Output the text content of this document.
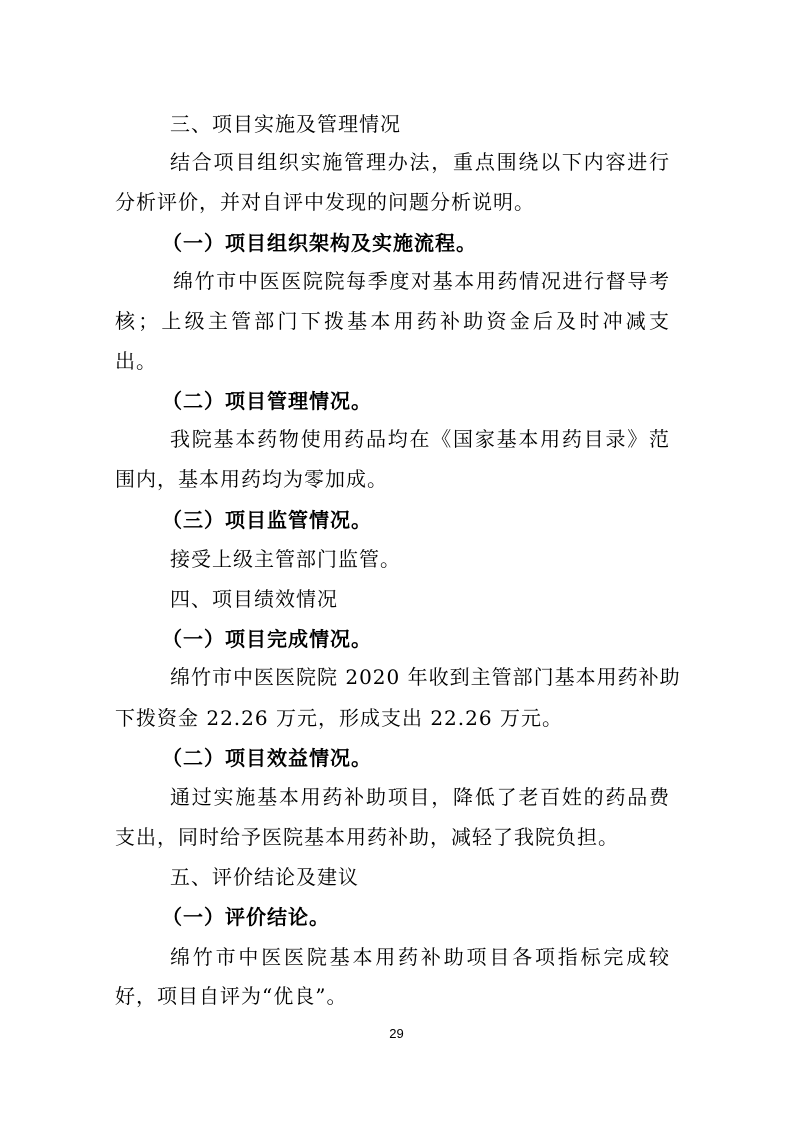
三、项目实施及管理情况
结合项目组织实施管理办法，重点围绕以下内容进行
分析评价，并对自评中发现的问题分析说明。
（一）项目组织架构及实施流程。
绵竹市中医医院院每季度对基本用药情况进行督导考
核；上级主管部门下拨基本用药补助资金后及时冲减支
出。
（二）项目管理情况。
我院基本药物使用药品均在《国家基本用药目录》范
围内，基本用药均为零加成。
（三）项目监管情况。
接受上级主管部门监管。
四、项目绩效情况
（一）项目完成情况。
绵竹市中医医院院 2020 年收到主管部门基本用药补助
下拨资金 22.26 万元，形成支出 22.26 万元。
（二）项目效益情况。
通过实施基本用药补助项目，降低了老百姓的药品费
支出，同时给予医院基本用药补助，减轻了我院负担。
五、评价结论及建议
（一）评价结论。
绵竹市中医医院基本用药补助项目各项指标完成较
好，项目自评为“优良”。
29
